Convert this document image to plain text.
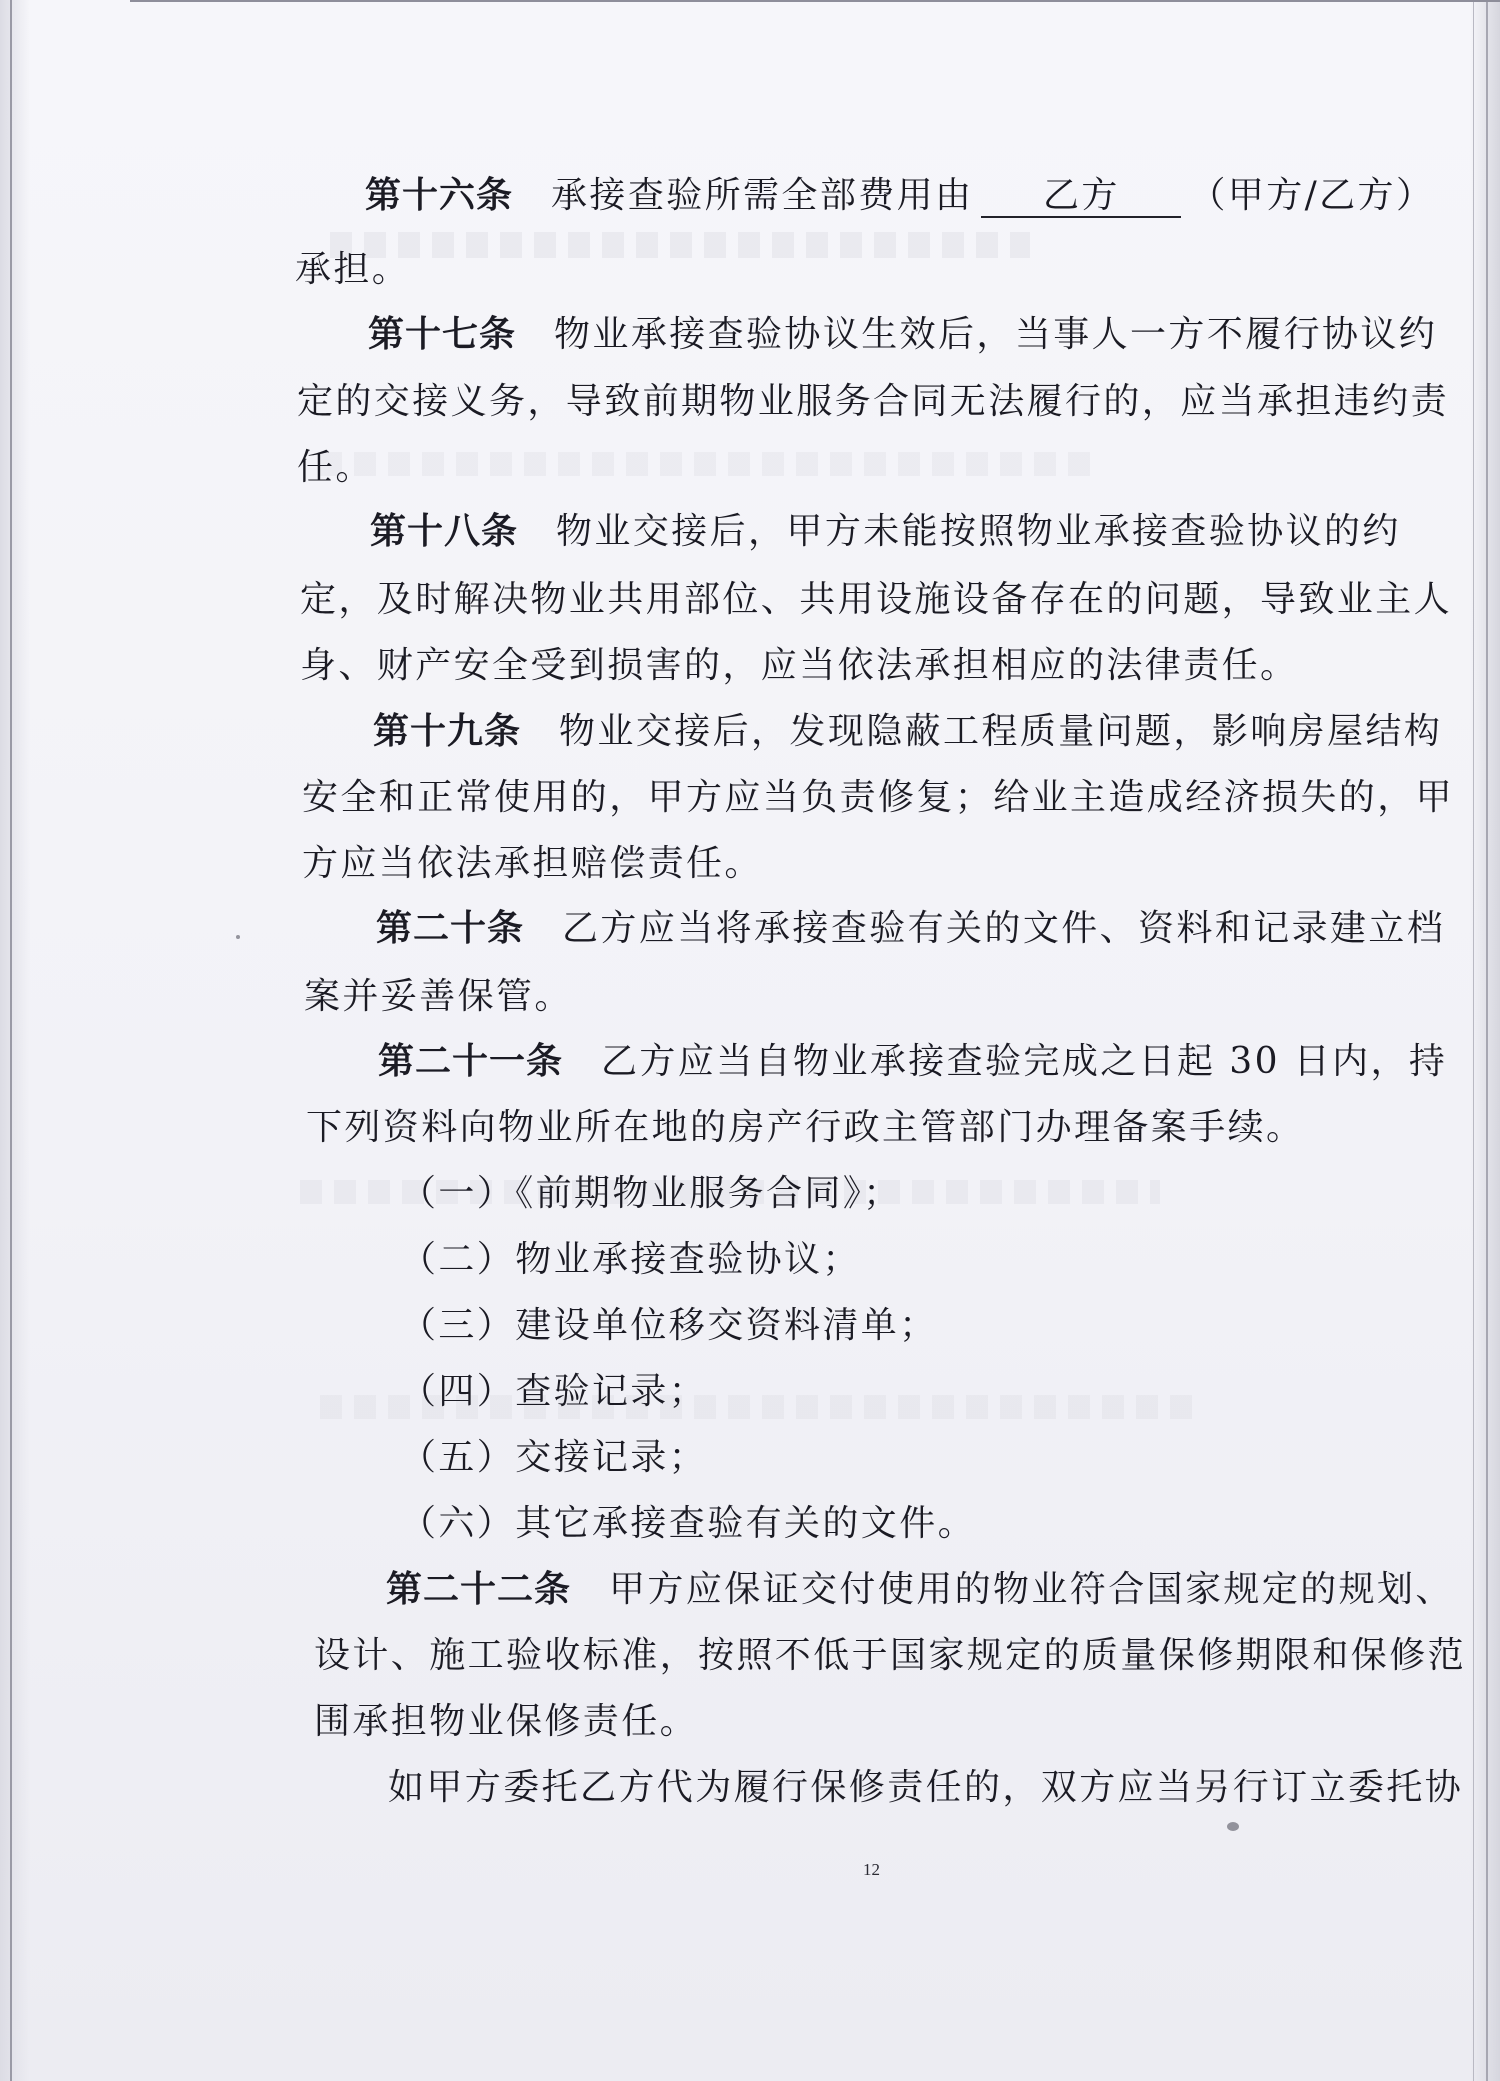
第十六条 承接查验所需全部费用由 乙方 （甲方/乙方）
承担。
第十七条 物业承接查验协议生效后，当事人一方不履行协议约
定的交接义务，导致前期物业服务合同无法履行的，应当承担违约责
任。
第十八条 物业交接后，甲方未能按照物业承接查验协议的约
定，及时解决物业共用部位、共用设施设备存在的问题，导致业主人
身、财产安全受到损害的，应当依法承担相应的法律责任。
第十九条 物业交接后，发现隐蔽工程质量问题，影响房屋结构
安全和正常使用的，甲方应当负责修复；给业主造成经济损失的，甲
方应当依法承担赔偿责任。
第二十条 乙方应当将承接查验有关的文件、资料和记录建立档
案并妥善保管。
第二十一条 乙方应当自物业承接查验完成之日起 30 日内，持
下列资料向物业所在地的房产行政主管部门办理备案手续。
（一）《前期物业服务合同》；
（二）物业承接查验协议；
（三）建设单位移交资料清单；
（四）查验记录；
（五）交接记录；
（六）其它承接查验有关的文件。
第二十二条 甲方应保证交付使用的物业符合国家规定的规划、
设计、施工验收标准，按照不低于国家规定的质量保修期限和保修范
围承担物业保修责任。
如甲方委托乙方代为履行保修责任的，双方应当另行订立委托协
12
